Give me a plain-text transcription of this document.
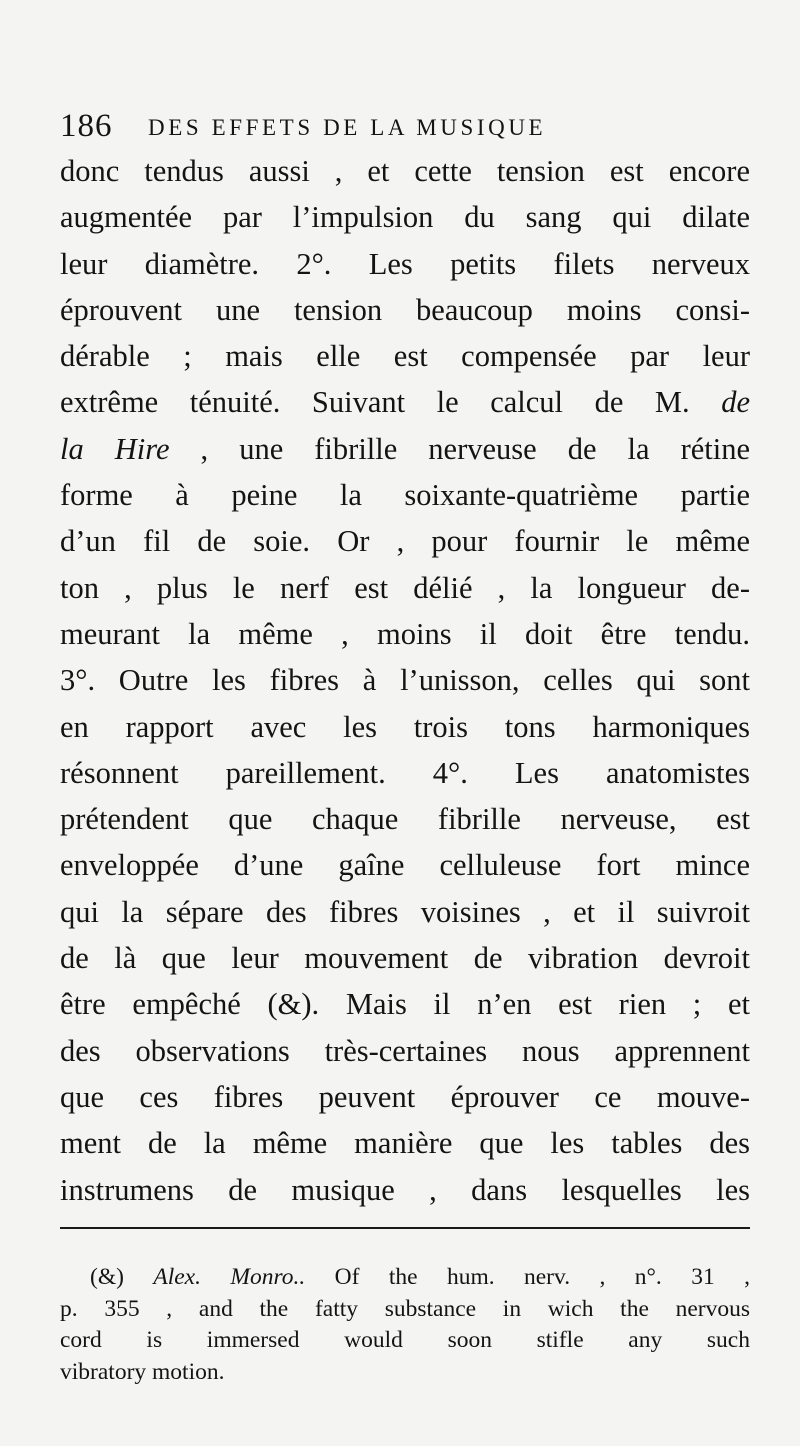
186 DES EFFETS DE LA MUSIQUE
donc tendus aussi , et cette tension est encore
augmentée par l’impulsion du sang qui dilate
leur diamètre. 2°. Les petits filets nerveux
éprouvent une tension beaucoup moins consi-
dérable ; mais elle est compensée par leur
extrême ténuité. Suivant le calcul de M. de
la Hire , une fibrille nerveuse de la rétine
forme à peine la soixante-quatrième partie
d’un fil de soie. Or , pour fournir le même
ton , plus le nerf est délié , la longueur de-
meurant la même , moins il doit être tendu.
3°. Outre les fibres à l’unisson, celles qui sont
en rapport avec les trois tons harmoniques
résonnent pareillement. 4°. Les anatomistes
prétendent que chaque fibrille nerveuse, est
enveloppée d’une gaîne celluleuse fort mince
qui la sépare des fibres voisines , et il suivroit
de là que leur mouvement de vibration devroit
être empêché (&). Mais il n’en est rien ; et
des observations très-certaines nous apprennent
que ces fibres peuvent éprouver ce mouve-
ment de la même manière que les tables des
instrumens de musique , dans lesquelles les
(&) Alex. Monro.. Of the hum. nerv. , n°. 31 ,
p. 355 , and the fatty substance in wich the nervous
cord is immersed would soon stifle any such
vibratory motion.
